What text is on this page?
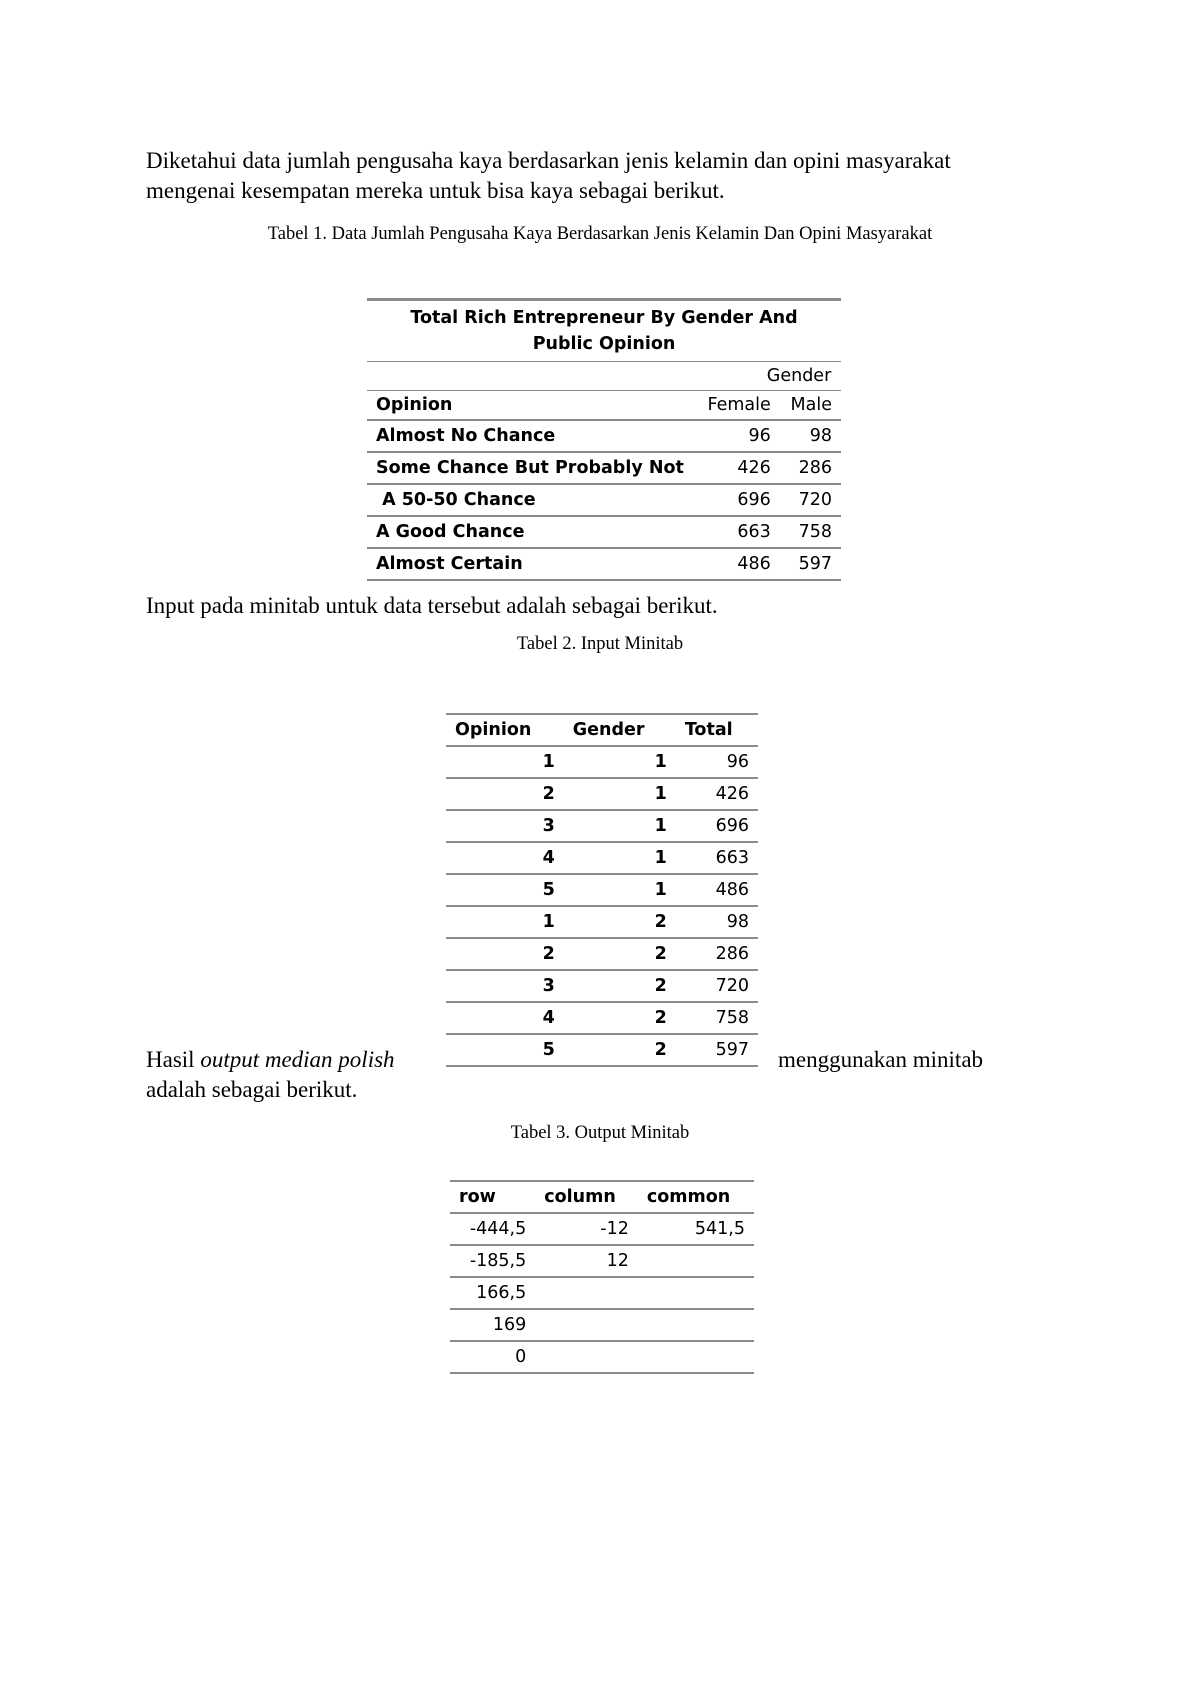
Diketahui data jumlah pengusaha kaya berdasarkan jenis kelamin dan opini masyarakat
mengenai kesempatan mereka untuk bisa kaya sebagai berikut.
Tabel 1. Data Jumlah Pengusaha Kaya Berdasarkan Jenis Kelamin Dan Opini Masyarakat
Total Rich Entrepreneur By Gender And Public Opinion		
	Gender	
Opinion	Female	Male
Almost No Chance	96	98
Some Chance But Probably Not	426	286
A 50-50 Chance	696	720
A Good Chance	663	758
Almost Certain	486	597
Input pada minitab untuk data tersebut adalah sebagai berikut.
Tabel 2. Input Minitab
Opinion	Gender	Total
1	1	96
2	1	426
3	1	696
4	1	663
5	1	486
1	2	98
2	2	286
3	2	720
4	2	758
5	2	597
Hasil output median polish	menggunakan minitab
adalah sebagai berikut.
Tabel 3. Output Minitab
row	column	common
-444,5	-12	541,5
-185,5	12	
166,5		
169		
0		
